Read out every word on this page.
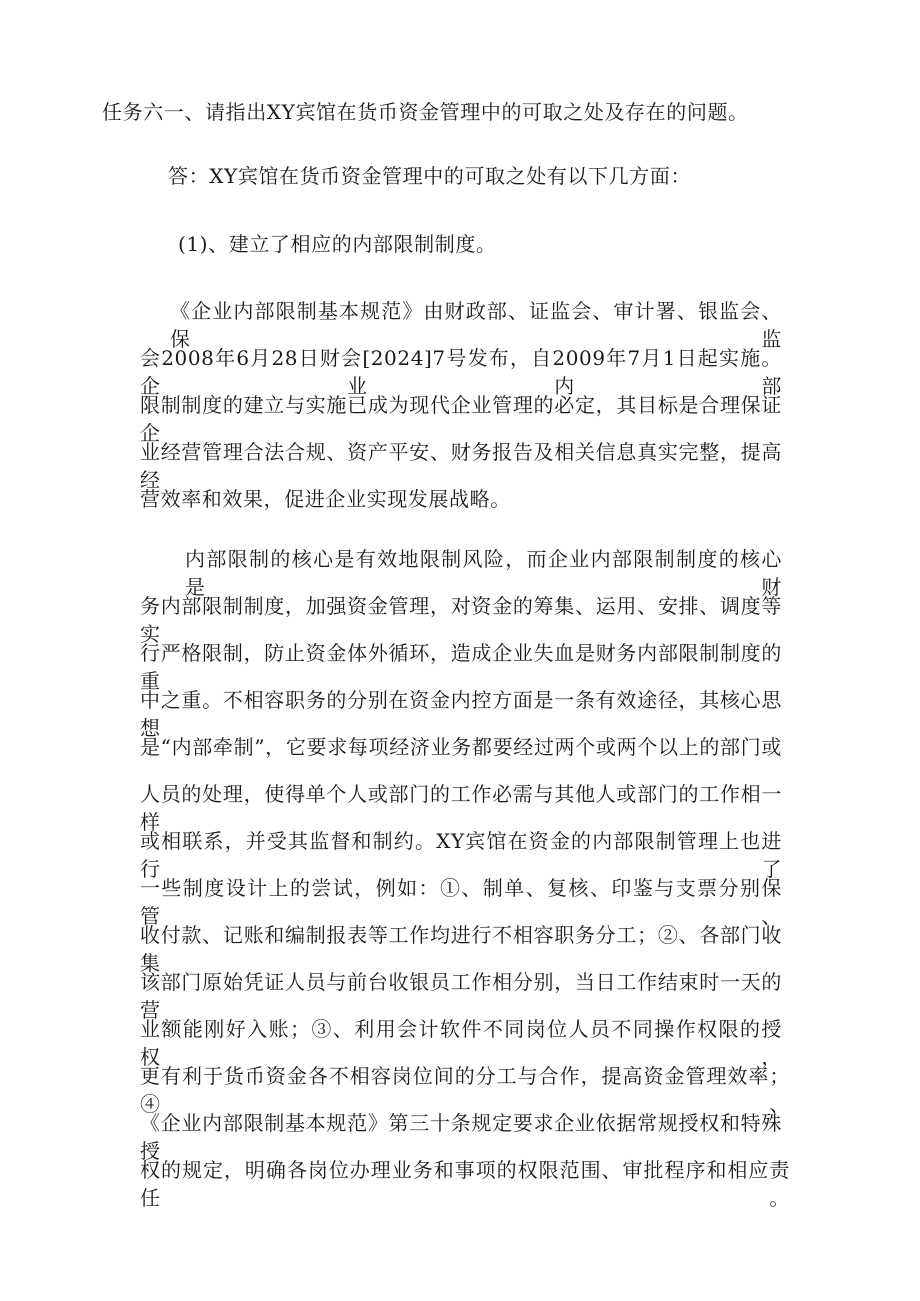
任务六一、请指出XY宾馆在货币资金管理中的可取之处及存在的问题。
答：XY宾馆在货币资金管理中的可取之处有以下几方面：
(1)、建立了相应的内部限制制度。
《企业内部限制基本规范》由财政部、证监会、审计署、银监会、保监
会2008年6月28日财会[2024]7号发布，自2009年7月1日起实施。企业内部
限制制度的建立与实施已成为现代企业管理的必定，其目标是合理保证企
业经营管理合法合规、资产平安、财务报告及相关信息真实完整，提高经
营效率和效果，促进企业实现发展战略。
内部限制的核心是有效地限制风险，而企业内部限制制度的核心是财
务内部限制制度，加强资金管理，对资金的筹集、运用、安排、调度等实
行严格限制，防止资金体外循环，造成企业失血是财务内部限制制度的重
中之重。不相容职务的分别在资金内控方面是一条有效途径，其核心思想
是“内部牵制”，它要求每项经济业务都要经过两个或两个以上的部门或
人员的处理，使得单个人或部门的工作必需与其他人或部门的工作相一样
或相联系，并受其监督和制约。XY宾馆在资金的内部限制管理上也进行了
一些制度设计上的尝试，例如：①、制单、复核、印鉴与支票分别保管、
收付款、记账和编制报表等工作均进行不相容职务分工；②、各部门收集
该部门原始凭证人员与前台收银员工作相分别，当日工作结束时一天的营
业额能刚好入账；③、利用会计软件不同岗位人员不同操作权限的授权，
更有利于货币资金各不相容岗位间的分工与合作，提高资金管理效率；④、
《企业内部限制基本规范》第三十条规定要求企业依据常规授权和特殊授
权的规定，明确各岗位办理业务和事项的权限范围、审批程序和相应责任。
